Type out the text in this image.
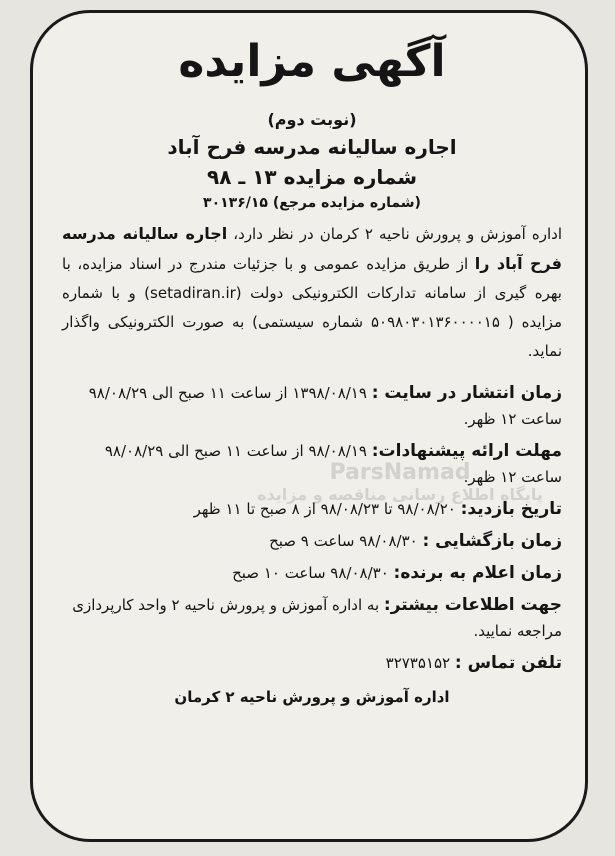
ParsNamad
پایگاه اطلاع رسانی مناقصه و مزایده
آگهی مزایده
(نوبت دوم)
اجاره سالیانه مدرسه فرح آباد
شماره مزایده ۱۳ ـ ۹۸
(شماره مزایده مرجع) ۳۰۱۳۶/۱۵

اداره آموزش و پرورش ناحیه ۲ کرمان در نظر دارد، اجاره سالیانه مدرسه فرح آباد را از طریق مزایده عمومی و با جزئیات مندرج در اسناد مزایده، با بهره گیری از سامانه تدارکات الکترونیکی دولت (setadiran.ir) و با شماره مزایده ( ۵۰۹۸۰۳۰۱۳۶۰۰۰۰۱۵ شماره سیستمی) به صورت الکترونیکی واگذار نماید.

زمان انتشار در سایت : ۱۳۹۸/۰۸/۱۹ از ساعت ۱۱ صبح الی ۹۸/۰۸/۲۹ ساعت ۱۲ ظهر.
مهلت ارائه پیشنهادات: ۹۸/۰۸/۱۹ از ساعت ۱۱ صبح الی ۹۸/۰۸/۲۹ ساعت ۱۲ ظهر.
تاریخ بازدید: ۹۸/۰۸/۲۰ تا ۹۸/۰۸/۲۳ از ۸ صبح تا ۱۱ ظهر
زمان بازگشایی : ۹۸/۰۸/۳۰ ساعت ۹ صبح
زمان اعلام به برنده: ۹۸/۰۸/۳۰ ساعت ۱۰ صبح
جهت اطلاعات بیشتر: به اداره آموزش و پرورش ناحیه ۲ واحد کارپردازی مراجعه نمایید.
تلفن تماس : ۳۲۷۳۵۱۵۲
اداره آموزش و پرورش ناحیه ۲ کرمان
